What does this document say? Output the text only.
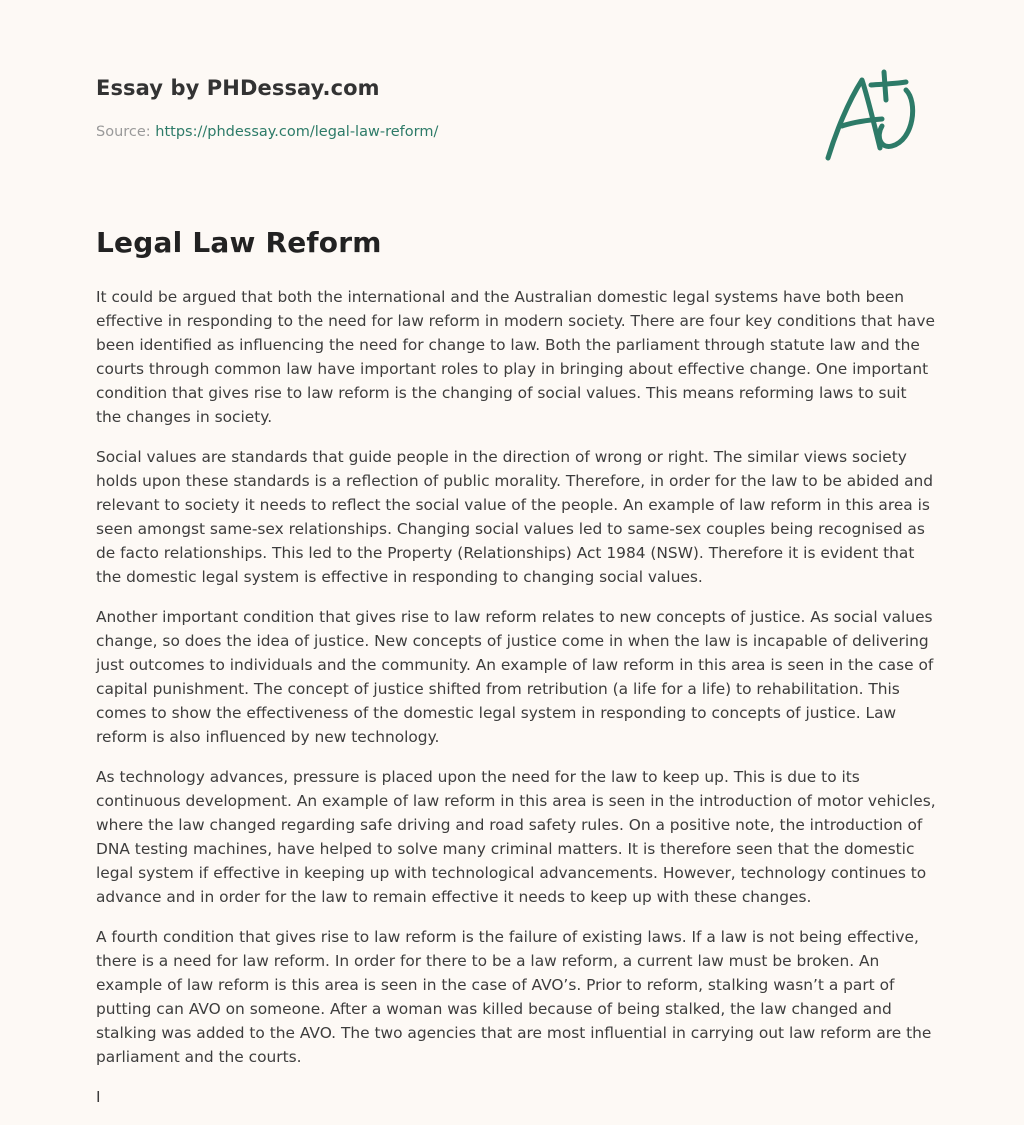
Essay by PHDessay.com
Source: https://phdessay.com/legal-law-reform/
Legal Law Reform

It could be argued that both the international and the Australian domestic legal systems have both been effective in responding to the need for law reform in modern society. There are four key conditions that have been identified as influencing the need for change to law. Both the parliament through statute law and the courts through common law have important roles to play in bringing about effective change. One important condition that gives rise to law reform is the changing of social values. This means reforming laws to suit the changes in society.

Social values are standards that guide people in the direction of wrong or right. The similar views society holds upon these standards is a reflection of public morality. Therefore, in order for the law to be abided and relevant to society it needs to reflect the social value of the people. An example of law reform in this area is seen amongst same-sex relationships. Changing social values led to same-sex couples being recognised as de facto relationships. This led to the Property (Relationships) Act 1984 (NSW). Therefore it is evident that the domestic legal system is effective in responding to changing social values.

Another important condition that gives rise to law reform relates to new concepts of justice. As social values change, so does the idea of justice. New concepts of justice come in when the law is incapable of delivering just outcomes to individuals and the community. An example of law reform in this area is seen in the case of capital punishment. The concept of justice shifted from retribution (a life for a life) to rehabilitation. This comes to show the effectiveness of the domestic legal system in responding to concepts of justice. Law reform is also influenced by new technology.

As technology advances, pressure is placed upon the need for the law to keep up. This is due to its continuous development. An example of law reform in this area is seen in the introduction of motor vehicles, where the law changed regarding safe driving and road safety rules. On a positive note, the introduction of DNA testing machines, have helped to solve many criminal matters. It is therefore seen that the domestic legal system if effective in keeping up with technological advancements. However, technology continues to advance and in order for the law to remain effective it needs to keep up with these changes.

A fourth condition that gives rise to law reform is the failure of existing laws. If a law is not being effective, there is a need for law reform. In order for there to be a law reform, a current law must be broken. An example of law reform is this area is seen in the case of AVO’s. Prior to reform, stalking wasn’t a part of putting can AVO on someone. After a woman was killed because of being stalked, the law changed and stalking was added to the AVO. The two agencies that are most influential in carrying out law reform are the parliament and the courts.

I
